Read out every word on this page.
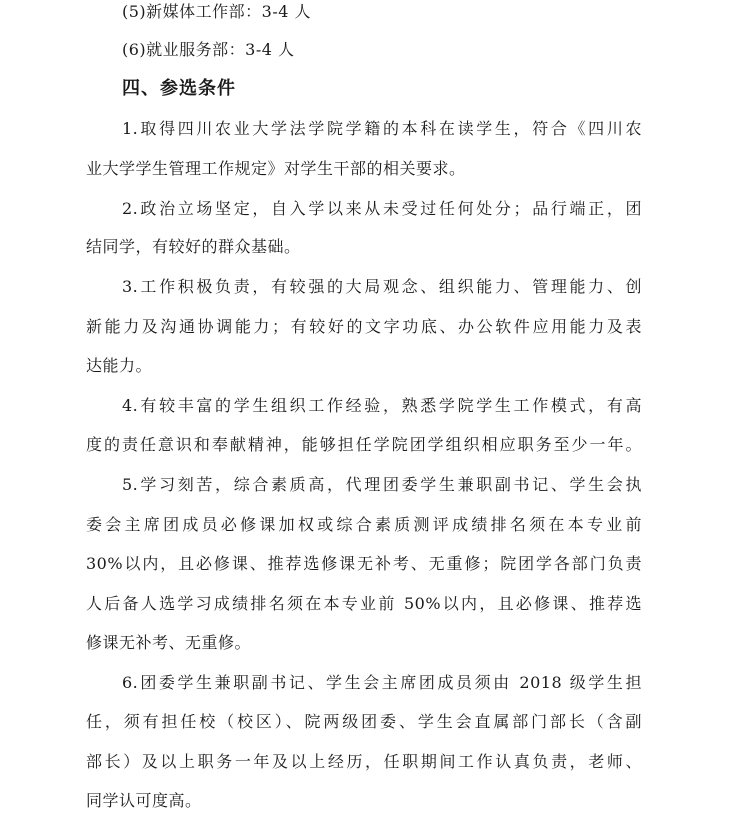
(5)新媒体工作部：3-4 人
(6)就业服务部：3-4 人
四、参选条件
1.取得四川农业大学法学院学籍的本科在读学生，符合《四川农
业大学学生管理工作规定》对学生干部的相关要求。
2.政治立场坚定，自入学以来从未受过任何处分；品行端正，团
结同学，有较好的群众基础。
3.工作积极负责，有较强的大局观念、组织能力、管理能力、创
新能力及沟通协调能力；有较好的文字功底、办公软件应用能力及表
达能力。
4.有较丰富的学生组织工作经验，熟悉学院学生工作模式，有高
度的责任意识和奉献精神，能够担任学院团学组织相应职务至少一年。
5.学习刻苦，综合素质高，代理团委学生兼职副书记、学生会执
委会主席团成员必修课加权或综合素质测评成绩排名须在本专业前
30%以内，且必修课、推荐选修课无补考、无重修；院团学各部门负责
人后备人选学习成绩排名须在本专业前 50%以内，且必修课、推荐选
修课无补考、无重修。
6.团委学生兼职副书记、学生会主席团成员须由 2018 级学生担
任，须有担任校（校区）、院两级团委、学生会直属部门部长（含副
部长）及以上职务一年及以上经历，任职期间工作认真负责，老师、
同学认可度高。
